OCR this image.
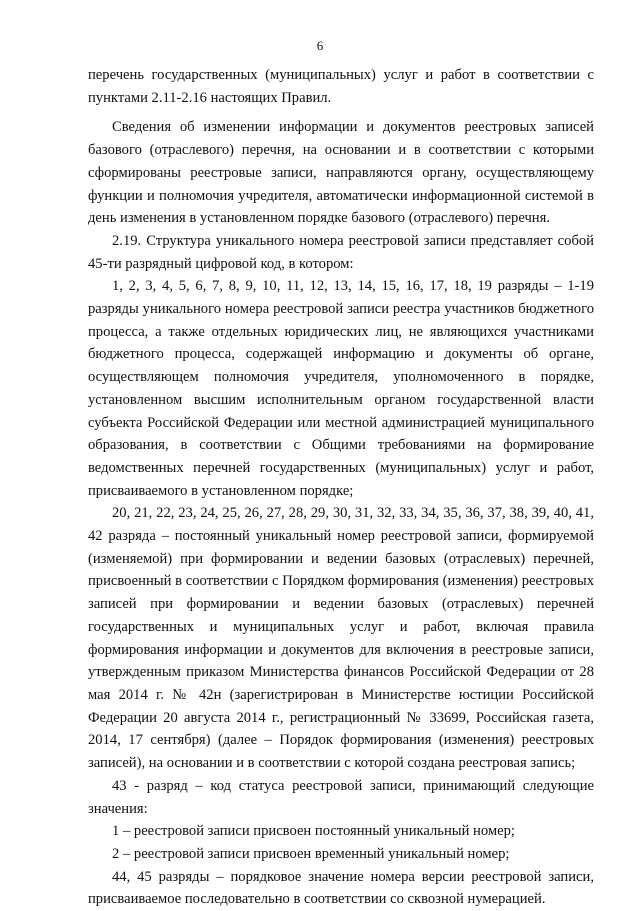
6

перечень государственных (муниципальных) услуг и работ в соответствии с пунктами 2.11-2.16 настоящих Правил.

Сведения об изменении информации и документов реестровых записей базового (отраслевого) перечня, на основании и в соответствии с которыми сформированы реестровые записи, направляются органу, осуществляющему функции и полномочия учредителя, автоматически информационной системой в день изменения в установленном порядке базового (отраслевого) перечня.

2.19. Структура уникального номера реестровой записи представляет собой 45-ти разрядный цифровой код, в котором:

1, 2, 3, 4, 5, 6, 7, 8, 9, 10, 11, 12, 13, 14, 15, 16, 17, 18, 19 разряды – 1-19 разряды уникального номера реестровой записи реестра участников бюджетного процесса, а также отдельных юридических лиц, не являющихся участниками бюджетного процесса, содержащей информацию и документы об органе, осуществляющем полномочия учредителя, уполномоченного в порядке, установленном высшим исполнительным органом государственной власти субъекта Российской Федерации или местной администрацией муниципального образования, в соответствии с Общими требованиями на формирование ведомственных перечней государственных (муниципальных) услуг и работ, присваиваемого в установленном порядке;

20, 21, 22, 23, 24, 25, 26, 27, 28, 29, 30, 31, 32, 33, 34, 35, 36, 37, 38, 39, 40, 41, 42 разряда – постоянный уникальный номер реестровой записи, формируемой (изменяемой) при формировании и ведении базовых (отраслевых) перечней, присвоенный в соответствии с Порядком формирования (изменения) реестровых записей при формировании и ведении базовых (отраслевых) перечней государственных и муниципальных услуг и работ, включая правила формирования информации и документов для включения в реестровые записи, утвержденным приказом Министерства финансов Российской Федерации от 28 мая 2014 г. № 42н (зарегистрирован в Министерстве юстиции Российской Федерации 20 августа 2014 г., регистрационный № 33699, Российская газета, 2014, 17 сентября) (далее – Порядок формирования (изменения) реестровых записей), на основании и в соответствии с которой создана реестровая запись;

43 - разряд – код статуса реестровой записи, принимающий следующие значения:

1 – реестровой записи присвоен постоянный уникальный номер;

2 – реестровой записи присвоен временный уникальный номер;

44, 45 разряды – порядковое значение номера версии реестровой записи, присваиваемое последовательно в соответствии со сквозной нумерацией.
